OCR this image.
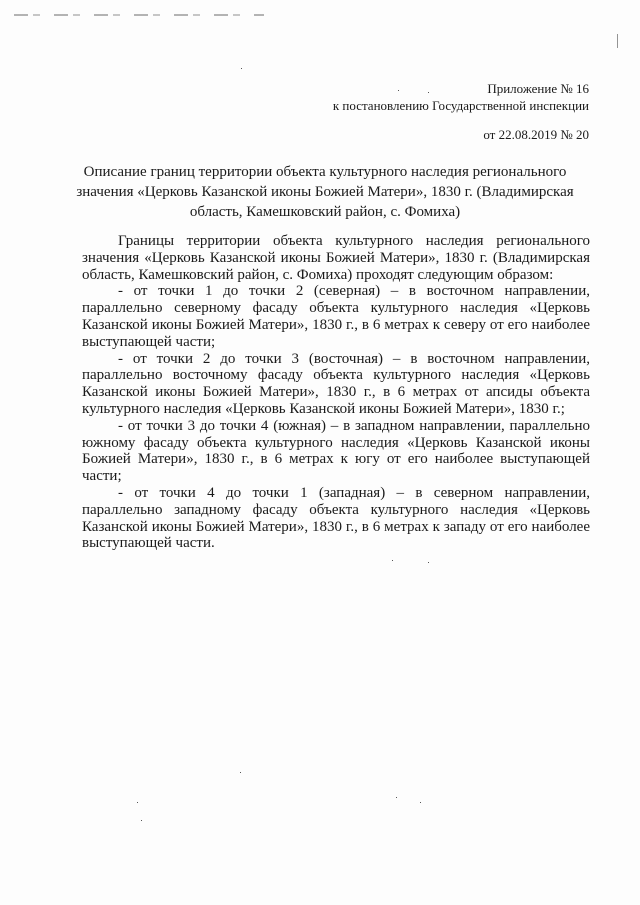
Приложение № 16
к постановлению Государственной инспекции
от 22.08.2019 № 20
Описание границ территории объекта культурного наследия регионального значения «Церковь Казанской иконы Божией Матери», 1830 г. (Владимирская область, Камешковский район, с. Фомиха)

Границы территории объекта культурного наследия регионального значения «Церковь Казанской иконы Божией Матери», 1830 г. (Владимирская область, Камешковский район, с. Фомиха) проходят следующим образом:

- от точки 1 до точки 2 (северная) – в восточном направлении, параллельно северному фасаду объекта культурного наследия «Церковь Казанской иконы Божией Матери», 1830 г., в 6 метрах к северу от его наиболее выступающей части;

- от точки 2 до точки 3 (восточная) – в восточном направлении, параллельно восточному фасаду объекта культурного наследия «Церковь Казанской иконы Божией Матери», 1830 г., в 6 метрах от апсиды объекта культурного наследия «Церковь Казанской иконы Божией Матери», 1830 г.;

- от точки 3 до точки 4 (южная) – в западном направлении, параллельно южному фасаду объекта культурного наследия «Церковь Казанской иконы Божией Матери», 1830 г., в 6 метрах к югу от его наиболее выступающей части;

- от точки 4 до точки 1 (западная) – в северном направлении, параллельно западному фасаду объекта культурного наследия «Церковь Казанской иконы Божией Матери», 1830 г., в 6 метрах к западу от его наиболее выступающей части.
